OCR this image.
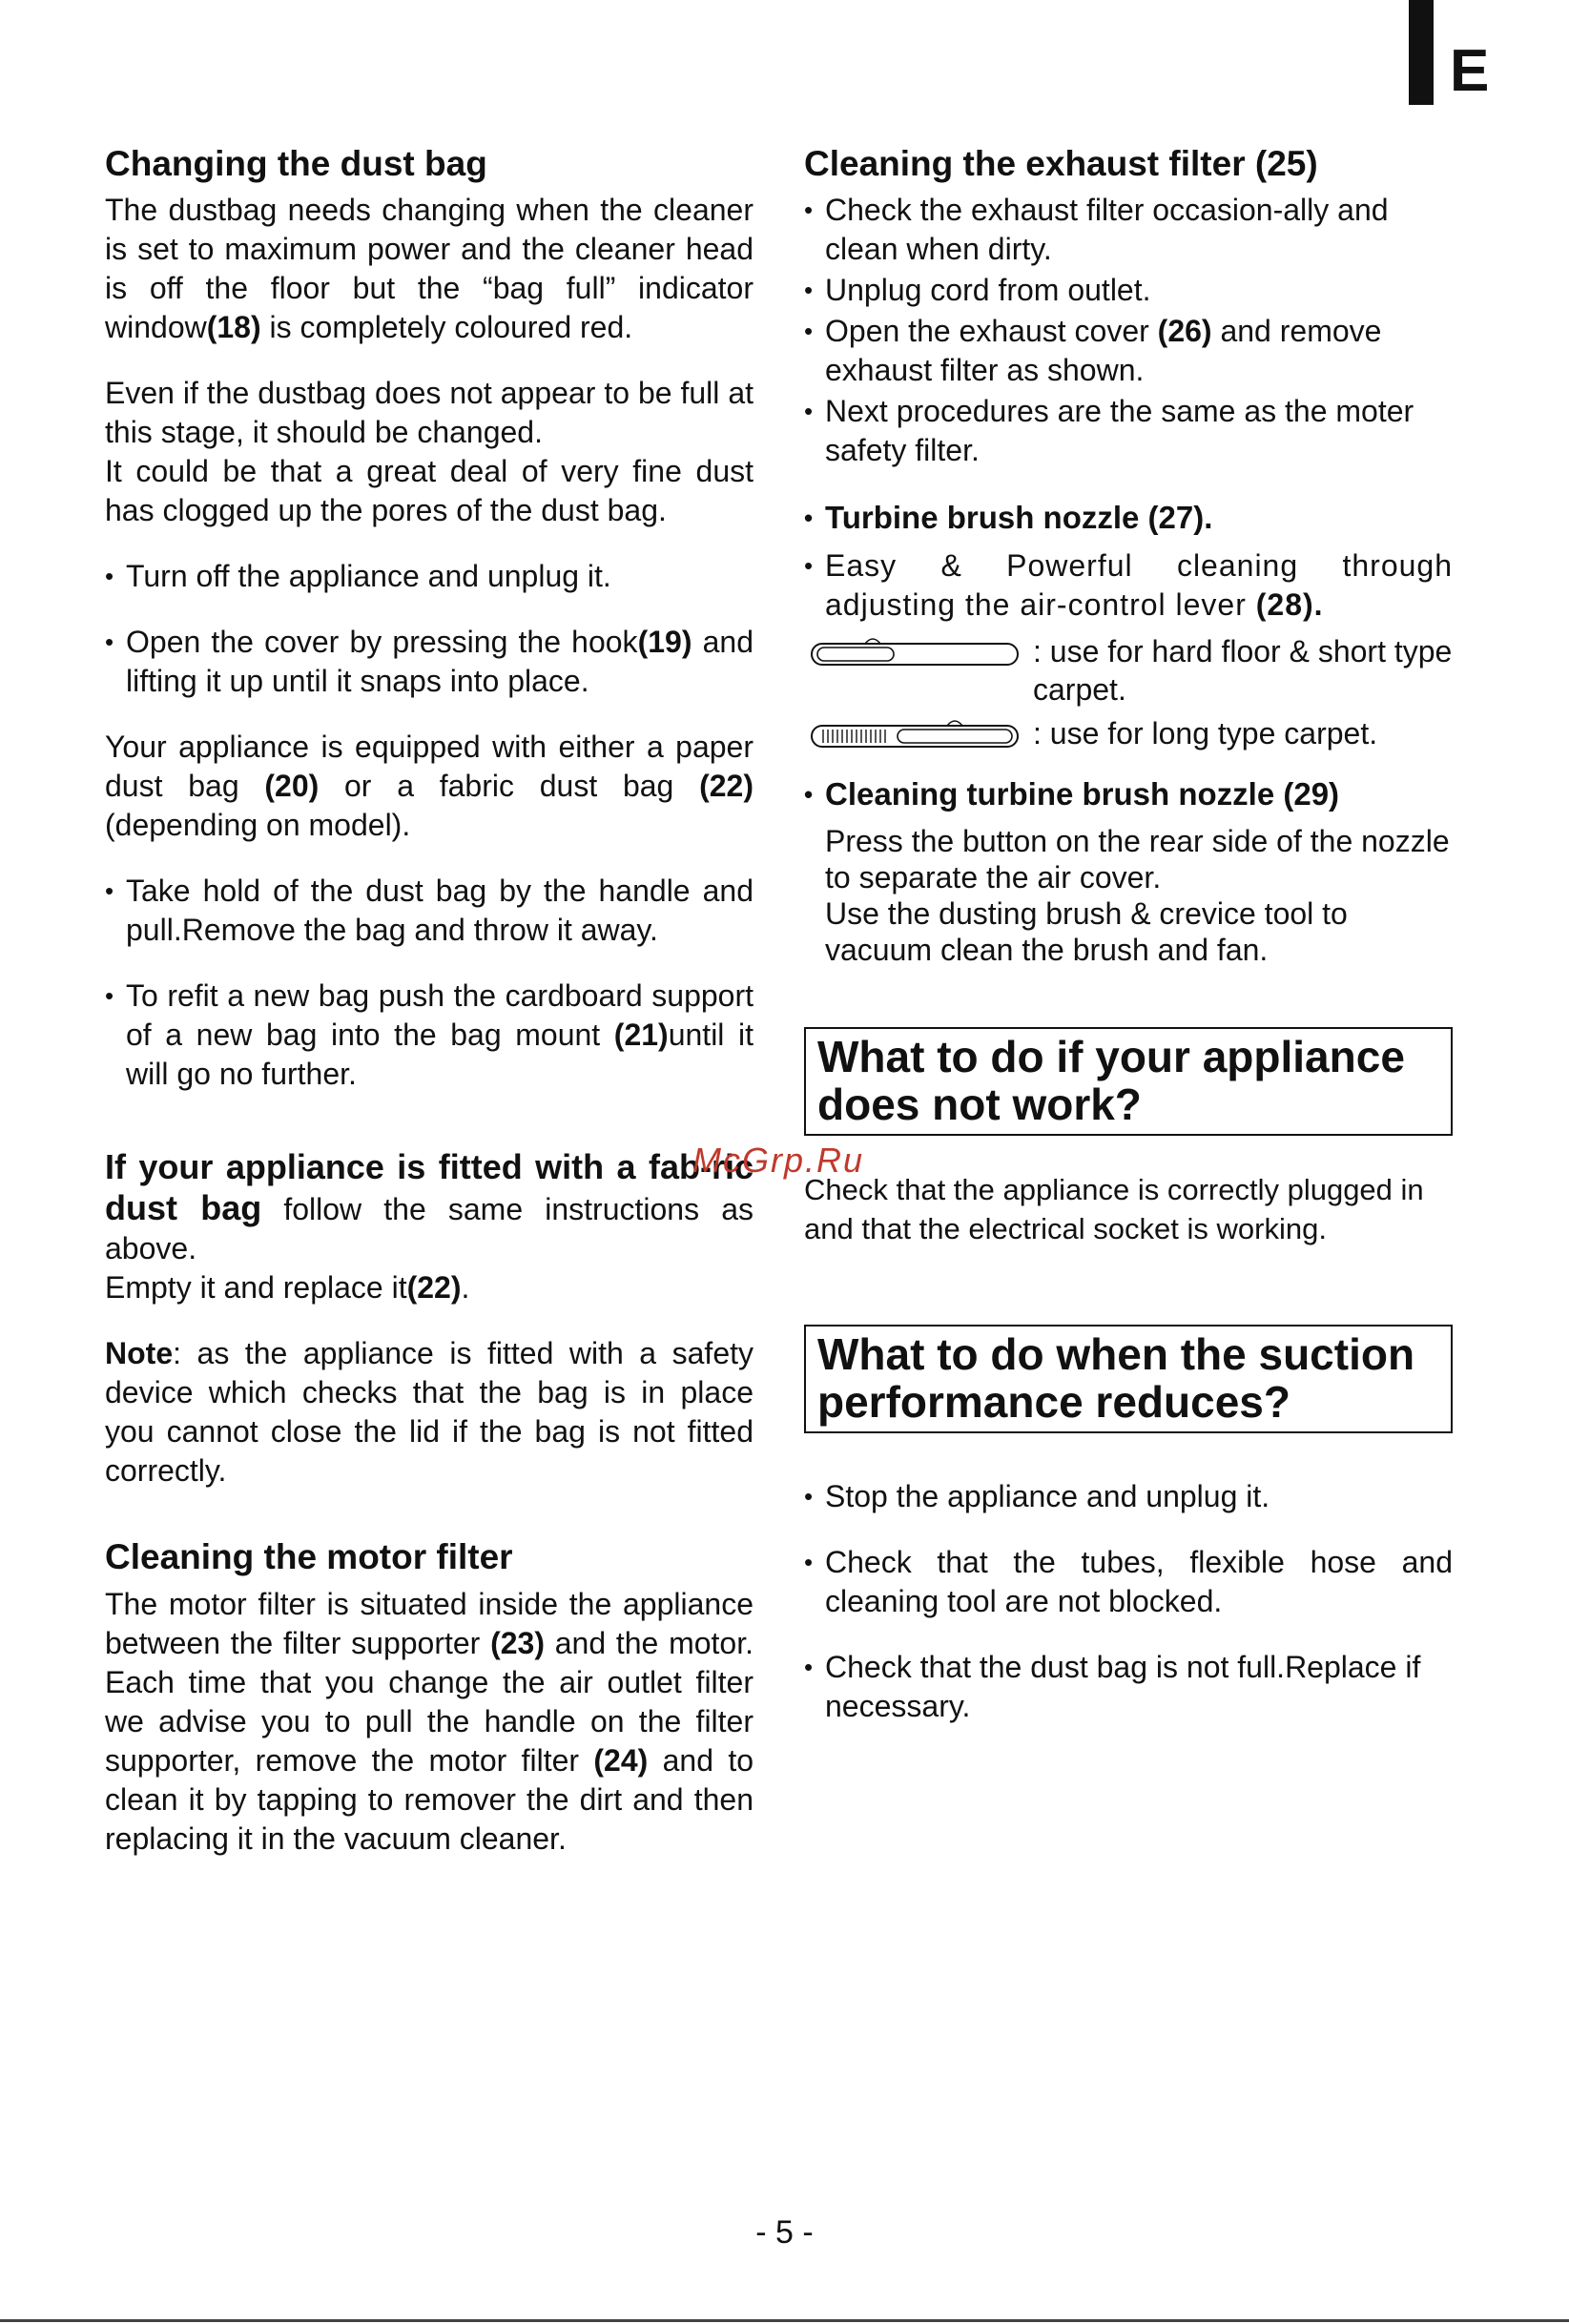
E
Changing the dust bag

The dustbag needs changing when the cleaner is set to maximum power and the cleaner head is off the floor but the “bag full” indicator window(18) is completely coloured red.

Even if the dustbag does not appear to be full at this stage, it should be changed.

It could be that a great deal of very fine dust has clogged up the pores of the dust bag.

• Turn off the appliance and unplug it.
• Open the cover by pressing the hook(19) and lifting it up until it snaps into place.

Your appliance is equipped with either a paper dust bag (20) or a fabric dust bag (22)(depending on model).

• Take hold of the dust bag by the handle and pull.Remove the bag and throw it away.
• To refit a new bag push the cardboard support of a new bag into the bag mount (21)until it will go no further.

If your appliance is fitted with a fab-ric dust bag follow the same instructions as above.

Empty it and replace it(22).

Note: as the appliance is fitted with a safety device which checks that the bag is in place you cannot close the lid if the bag is not fitted correctly.

Cleaning the motor filter

The motor filter is situated inside the appliance between the filter supporter (23) and the motor. Each time that you change the air outlet filter we advise you to pull the handle on the filter supporter, remove the motor filter (24) and to clean it by tapping to remover the dirt and then replacing it in the vacuum cleaner.

Cleaning the exhaust filter (25)
• Check the exhaust filter occasion-ally and clean when dirty.
• Unplug cord from outlet.
• Open the exhaust cover (26) and remove exhaust filter as shown.
• Next procedures are the same as the moter safety filter.
• Turbine brush nozzle (27).
• Easy & Powerful cleaning through adjusting the air-control lever (28).
: use for hard floor & short type carpet.
: use for long type carpet.
• Cleaning turbine brush nozzle (29)
Press the button on the rear side of the nozzle to separate the air cover.
Use the dusting brush & crevice tool to vacuum clean the brush and fan.
What to do if your appliance does not work?

Check that the appliance is correctly plugged in and that the electrical socket is working.

What to do when the suction performance reduces?
• Stop the appliance and unplug it.
• Check that the tubes, flexible hose and cleaning tool are not blocked.
• Check that the dust bag is not full.Replace if necessary.
McGrp.Ru
- 5 -
